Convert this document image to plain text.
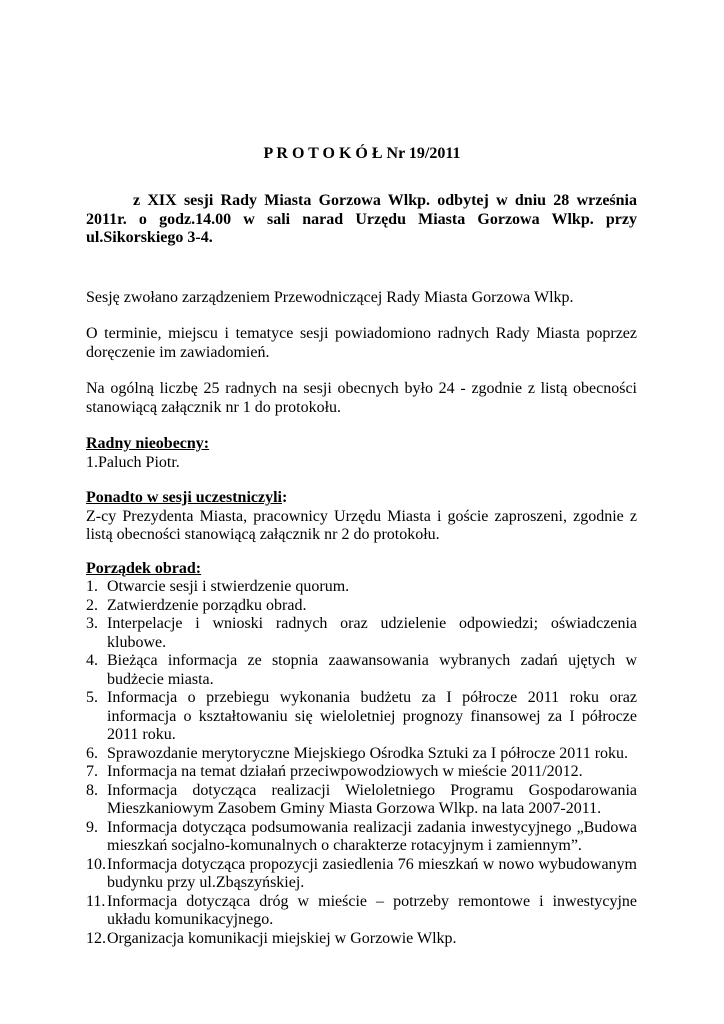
P R O T O K Ó Ł Nr 19/2011
z XIX sesji Rady Miasta Gorzowa Wlkp. odbytej w dniu 28 września 2011r. o godz.14.00 w sali narad Urzędu Miasta Gorzowa Wlkp. przy ul.Sikorskiego 3-4.
Sesję zwołano zarządzeniem Przewodniczącej Rady Miasta Gorzowa Wlkp.
O terminie, miejscu i tematyce sesji powiadomiono radnych Rady Miasta poprzez doręczenie im zawiadomień.
Na ogólną liczbę 25 radnych na sesji obecnych było 24 - zgodnie z listą obecności stanowiącą załącznik nr 1 do protokołu.
Radny nieobecny:
1.Paluch Piotr.
Ponadto w sesji uczestniczyli:
Z-cy Prezydenta Miasta, pracownicy Urzędu Miasta i goście zaproszeni, zgodnie z listą obecności stanowiącą załącznik nr 2 do protokołu.
Porządek obrad:
1. Otwarcie sesji i stwierdzenie quorum.
2. Zatwierdzenie porządku obrad.
3. Interpelacje i wnioski radnych oraz udzielenie odpowiedzi; oświadczenia klubowe.
4. Bieżąca informacja ze stopnia zaawansowania wybranych zadań ujętych w budżecie miasta.
5. Informacja o przebiegu wykonania budżetu za I półrocze 2011 roku oraz informacja o kształtowaniu się wieloletniej prognozy finansowej za I półrocze 2011 roku.
6. Sprawozdanie merytoryczne Miejskiego Ośrodka Sztuki za I półrocze 2011 roku.
7. Informacja na temat działań przeciwpowodziowych w mieście 2011/2012.
8. Informacja dotycząca realizacji Wieloletniego Programu Gospodarowania Mieszkaniowym Zasobem Gminy Miasta Gorzowa Wlkp. na lata 2007-2011.
9. Informacja dotycząca podsumowania realizacji zadania inwestycyjnego „Budowa mieszkań socjalno-komunalnych o charakterze rotacyjnym i zamiennym”.
10. Informacja dotycząca propozycji zasiedlenia 76 mieszkań w nowo wybudowanym budynku przy ul.Zbąszyńskiej.
11. Informacja dotycząca dróg w mieście – potrzeby remontowe i inwestycyjne układu komunikacyjnego.
12. Organizacja komunikacji miejskiej w Gorzowie Wlkp.
